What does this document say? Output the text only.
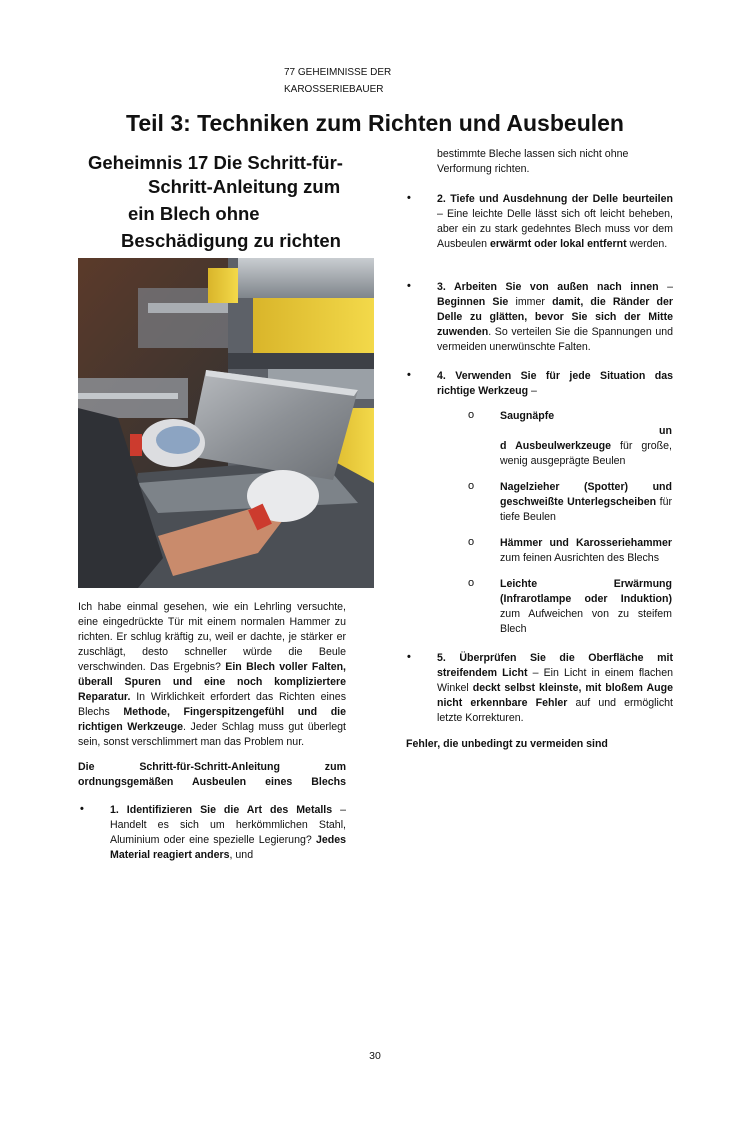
77 GEHEIMNISSE DER
KAROSSERIEBAUER
Teil 3: Techniken zum Richten und Ausbeulen
Geheimnis 17 Die Schritt-für-
Schritt-Anleitung zum
ein Blech ohne
Beschädigung zu richten
Ich habe einmal gesehen, wie ein Lehrling versuchte, eine eingedrückte Tür mit einem normalen Hammer zu richten. Er schlug kräftig zu, weil er dachte, je stärker er zuschlägt, desto schneller würde die Beule verschwinden. Das Ergebnis? Ein Blech voller Falten, überall Spuren und eine noch kompliziertere Reparatur. In Wirklichkeit erfordert das Richten eines Blechs Methode, Fingerspitzengefühl und die richtigen Werkzeuge. Jeder Schlag muss gut überlegt sein, sonst verschlimmert man das Problem nur.
Die Schritt-für-Schritt-Anleitung zum ordnungsgemäßen Ausbeulen eines Blechs
• 1. Identifizieren Sie die Art des Metalls – Handelt es sich um herkömmlichen Stahl, Aluminium oder eine spezielle Legierung? Jedes Material reagiert anders, und
bestimmte Bleche lassen sich nicht ohne Verformung richten.
• 2. Tiefe und Ausdehnung der Delle beurteilen – Eine leichte Delle lässt sich oft leicht beheben, aber ein zu stark gedehntes Blech muss vor dem Ausbeulen erwärmt oder lokal entfernt werden.
• 3. Arbeiten Sie von außen nach innen – Beginnen Sie immer damit, die Ränder der Delle zu glätten, bevor Sie sich der Mitte zuwenden. So verteilen Sie die Spannungen und vermeiden unerwünschte Falten.
• 4. Verwenden Sie für jede Situation das richtige Werkzeug –
o Saugnäpfe
un
d Ausbeulwerkzeuge für große, wenig ausgeprägte Beulen
o Nagelzieher (Spotter) und geschweißte Unterlegscheiben für tiefe Beulen
o Hämmer und Karosseriehammer zum feinen Ausrichten des Blechs
o Leichte Erwärmung (Infrarotlampe oder Induktion) zum Aufweichen von zu steifem Blech
• 5. Überprüfen Sie die Oberfläche mit streifendem Licht – Ein Licht in einem flachen Winkel deckt selbst kleinste, mit bloßem Auge nicht erkennbare Fehler auf und ermöglicht letzte Korrekturen.
Fehler, die unbedingt zu vermeiden sind
30
